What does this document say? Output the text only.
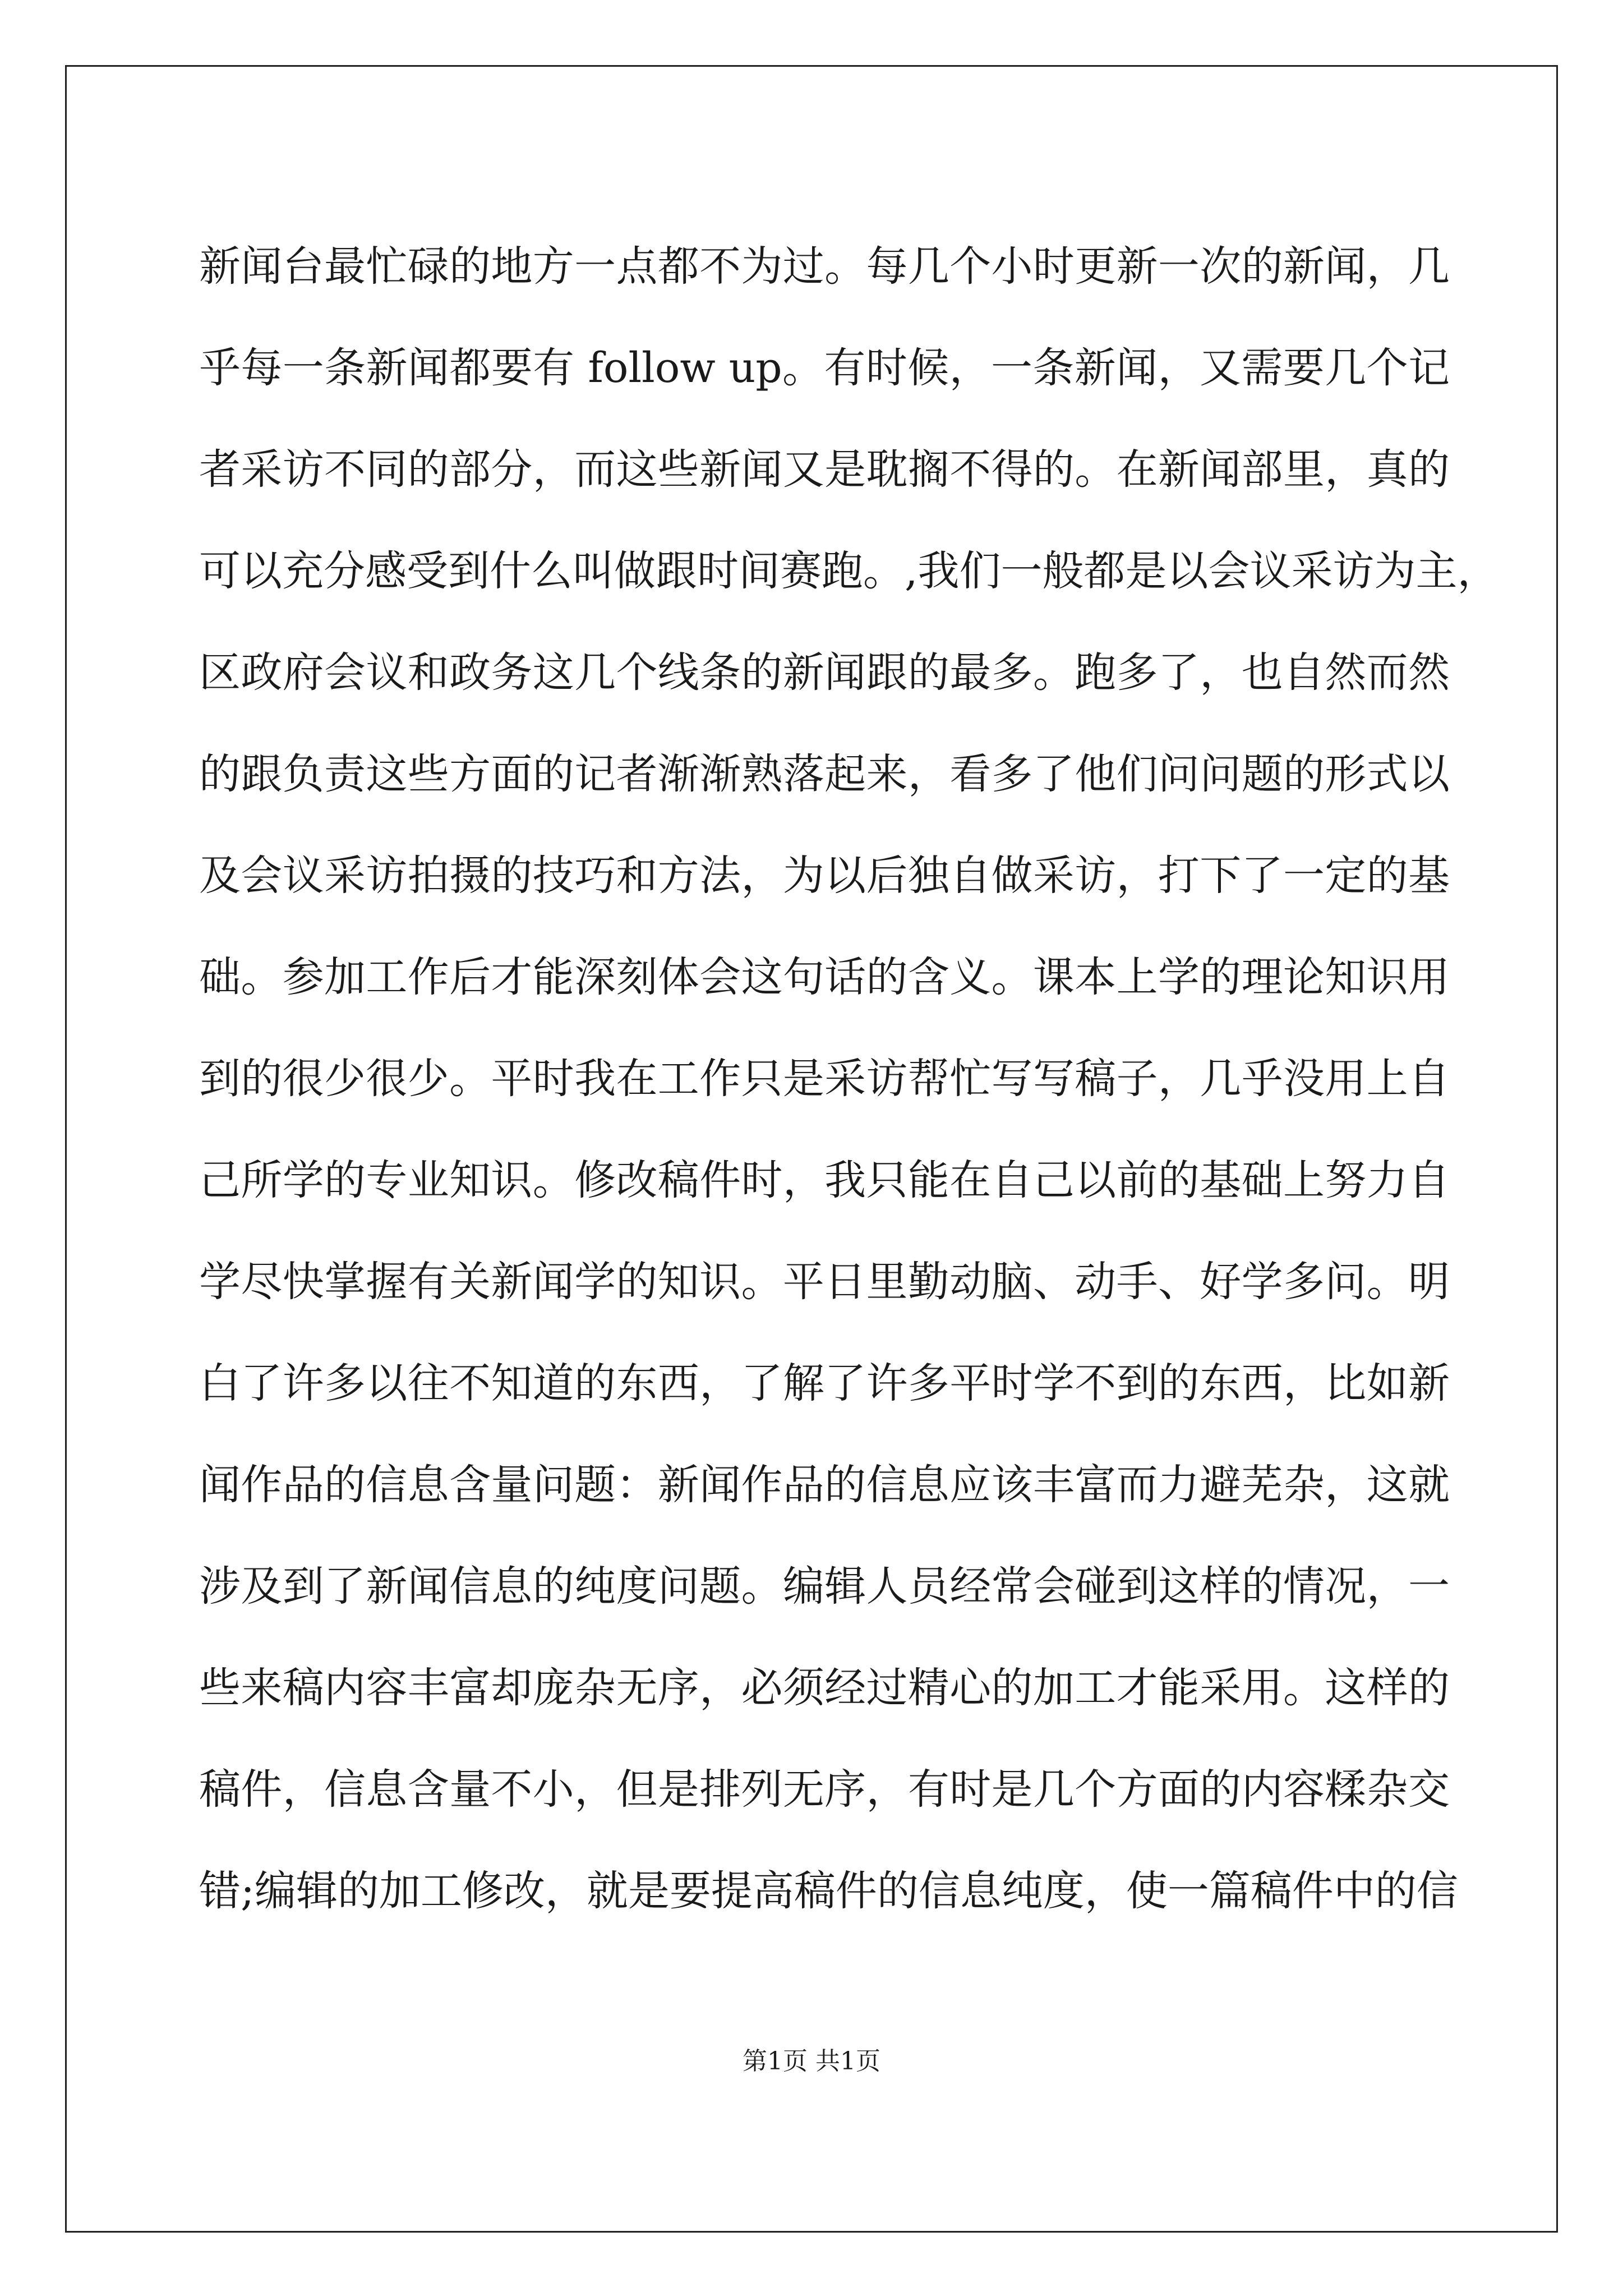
新闻台最忙碌的地方一点都不为过。每几个小时更新一次的新闻，几
乎每一条新闻都要有 follow up。有时候，一条新闻，又需要几个记
者采访不同的部分，而这些新闻又是耽搁不得的。在新闻部里，真的
可以充分感受到什么叫做跟时间赛跑。,我们一般都是以会议采访为主，
区政府会议和政务这几个线条的新闻跟的最多。跑多了，也自然而然
的跟负责这些方面的记者渐渐熟落起来，看多了他们问问题的形式以
及会议采访拍摄的技巧和方法，为以后独自做采访，打下了一定的基
础。参加工作后才能深刻体会这句话的含义。课本上学的理论知识用
到的很少很少。平时我在工作只是采访帮忙写写稿子，几乎没用上自
己所学的专业知识。修改稿件时，我只能在自己以前的基础上努力自
学尽快掌握有关新闻学的知识。平日里勤动脑、动手、好学多问。明
白了许多以往不知道的东西，了解了许多平时学不到的东西，比如新
闻作品的信息含量问题：新闻作品的信息应该丰富而力避芜杂，这就
涉及到了新闻信息的纯度问题。编辑人员经常会碰到这样的情况，一
些来稿内容丰富却庞杂无序，必须经过精心的加工才能采用。这样的
稿件，信息含量不小，但是排列无序，有时是几个方面的内容糅杂交
错;编辑的加工修改，就是要提高稿件的信息纯度，使一篇稿件中的信
第1页 共1页
